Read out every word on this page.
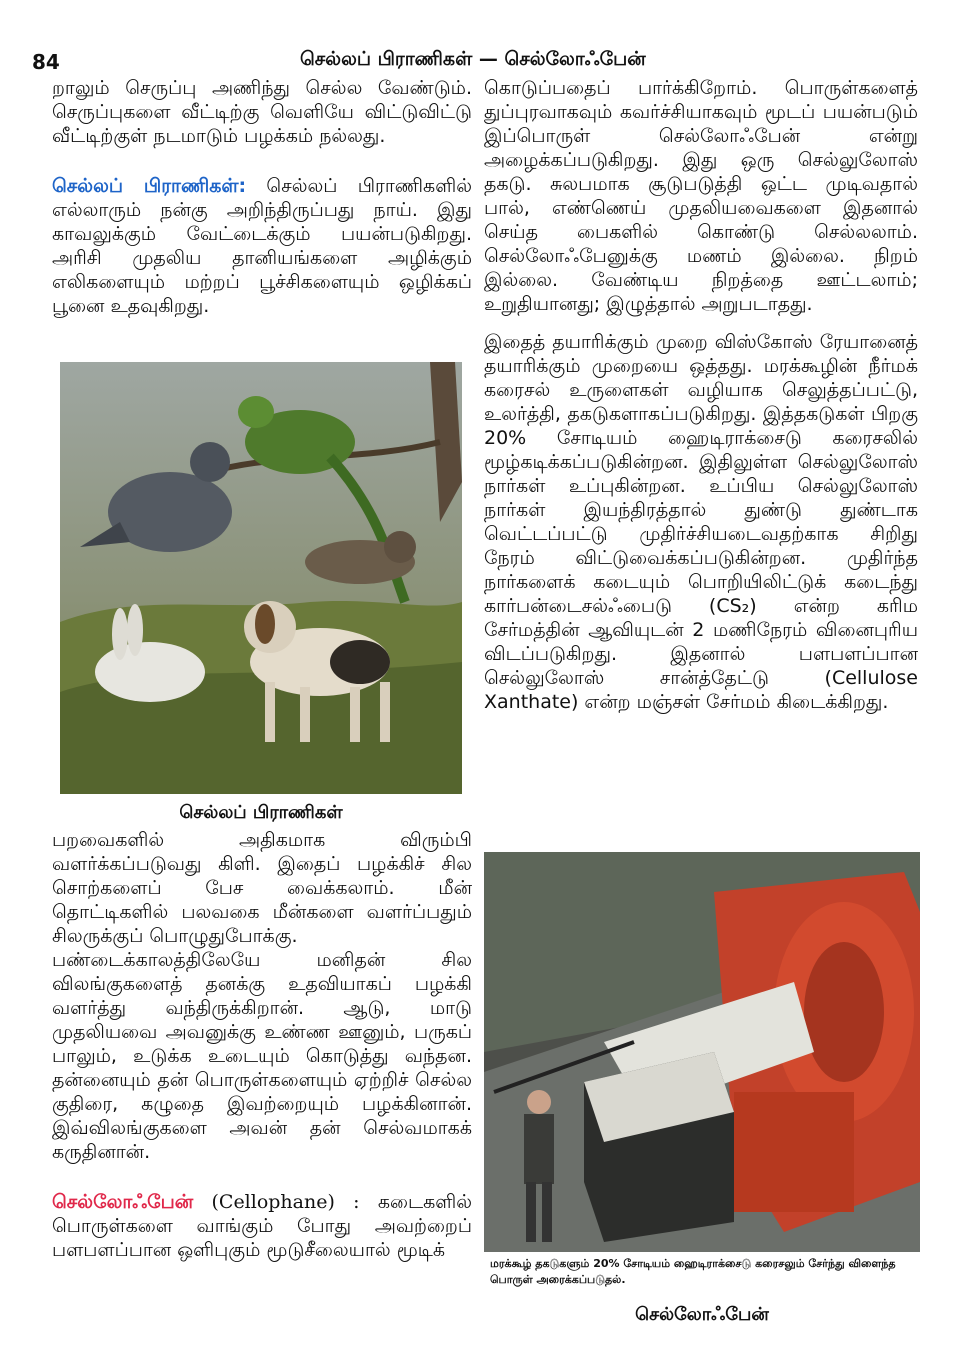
84	செல்லப் பிராணிகள் — செல்லோஃபேன்

றாலும் செருப்பு அணிந்து செல்ல வேண்டும். செருப்புகளை வீட்டிற்கு வெளியே விட்டுவிட்டு வீட்டிற்குள் நடமாடும் பழக்கம் நல்லது.

செல்லப் பிராணிகள்: செல்லப் பிராணிகளில் எல்லாரும் நன்கு அறிந்திருப்பது நாய். இது காவலுக்கும் வேட்டைக்கும் பயன்படுகிறது. அரிசி முதலிய தானியங்களை அழிக்கும் எலிகளையும் மற்றப் பூச்சிகளையும் ஒழிக்கப் பூனை உதவுகிறது.

செல்லப் பிராணிகள்

பறவைகளில் அதிகமாக விரும்பி வளர்க்கப்படுவது கிளி. இதைப் பழக்கிச் சில சொற்களைப் பேச வைக்கலாம். மீன் தொட்டிகளில் பலவகை மீன்களை வளர்ப்பதும் சிலருக்குப் பொழுதுபோக்கு.

பண்டைக்காலத்திலேயே மனிதன் சில விலங்குகளைத் தனக்கு உதவியாகப் பழக்கி வளர்த்து வந்திருக்கிறான். ஆடு, மாடு முதலியவை அவனுக்கு உண்ண ஊனும், பருகப் பாலும், உடுக்க உடையும் கொடுத்து வந்தன. தன்னையும் தன் பொருள்களையும் ஏற்றிச் செல்ல குதிரை, கழுதை இவற்றையும் பழக்கினான். இவ்விலங்குகளை அவன் தன் செல்வமாகக் கருதினான்.

செல்லோஃபேன் (Cellophane) : கடைகளில் பொருள்களை வாங்கும் போது அவற்றைப் பளபளப்பான ஒளிபுகும் மூடுசீலையால் மூடிக்

கொடுப்பதைப் பார்க்கிறோம். பொருள்களைத் துப்புரவாகவும் கவர்ச்சியாகவும் மூடப் பயன்படும் இப்பொருள் செல்லோஃபேன் என்று அழைக்கப்படுகிறது. இது ஒரு செல்லுலோஸ் தகடு. சுலபமாக சூடுபடுத்தி ஒட்ட முடிவதால் பால், எண்ணெய் முதலியவைகளை இதனால் செய்த பைகளில் கொண்டு செல்லலாம். செல்லோஃபேனுக்கு மணம் இல்லை. நிறம் இல்லை. வேண்டிய நிறத்தை ஊட்டலாம்; உறுதியானது; இழுத்தால் அறுபடாதது.

இதைத் தயாரிக்கும் முறை விஸ்கோஸ் ரேயானைத் தயாரிக்கும் முறையை ஒத்தது. மரக்கூழின் நீர்மக் கரைசல் உருளைகள் வழியாக செலுத்தப்பட்டு, உலர்த்தி, தகடுகளாகப்படுகிறது. இத்தகடுகள் பிறகு 20% சோடியம் ஹைடிராக்சைடு கரைசலில் மூழ்கடிக்கப்படுகின்றன. இதிலுள்ள செல்லுலோஸ் நார்கள் உப்புகின்றன. உப்பிய செல்லுலோஸ் நார்கள் இயந்திரத்தால் துண்டு துண்டாக வெட்டப்பட்டு முதிர்ச்சியடைவதற்காக சிறிது நேரம் விட்டுவைக்கப்படுகின்றன. முதிர்ந்த நார்களைக் கடையும் பொறியிலிட்டுக் கடைந்து கார்பன்டைசல்ஃபைடு (CS₂) என்ற கரிம சேர்மத்தின் ஆவியுடன் 2 மணிநேரம் வினைபுரிய விடப்படுகிறது. இதனால் பளபளப்பான செல்லுலோஸ் சான்த்தேட்டு (Cellulose Xanthate) என்ற மஞ்சள் சேர்மம் கிடைக்கிறது.

மரக்கூழ் தகடுகளும் 20% சோடியம் ஹைடிராக்சைடு கரைசலும் சேர்ந்து விளைந்த பொருள் அரைக்கப்படுதல்.
செல்லோஃபேன்
